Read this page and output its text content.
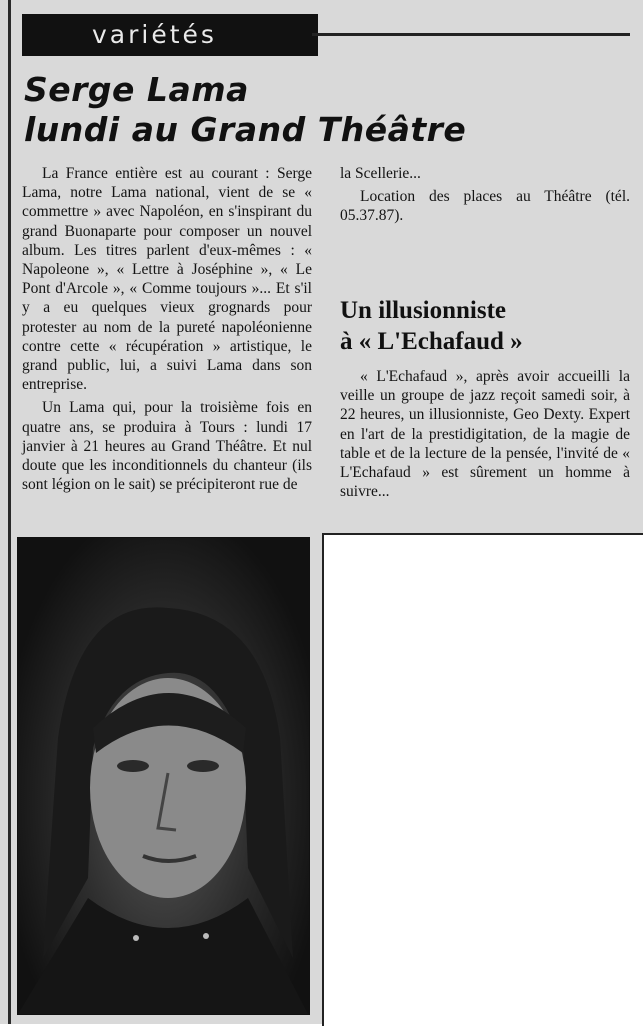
variétés
Serge Lama
lundi au Grand Théâtre

La France entière est au courant : Serge Lama, notre Lama national, vient de se « commettre » avec Napoléon, en s'inspirant du grand Buonaparte pour composer un nouvel album. Les titres parlent d'eux-mêmes : « Napoleone », « Lettre à Joséphine », « Le Pont d'Arcole », « Comme toujours »... Et s'il y a eu quelques vieux grognards pour protester au nom de la pureté napoléonienne contre cette « récupération » artistique, le grand public, lui, a suivi Lama dans son entreprise.

Un Lama qui, pour la troisième fois en quatre ans, se produira à Tours : lundi 17 janvier à 21 heures au Grand Théâtre. Et nul doute que les inconditionnels du chanteur (ils sont légion on le sait) se précipiteront rue de

la Scellerie...

Location des places au Théâtre (tél. 05.37.87).

Un illusionniste
à « L'Echafaud »

« L'Echafaud », après avoir accueilli la veille un groupe de jazz reçoit samedi soir, à 22 heures, un illusionniste, Geo Dexty. Expert en l'art de la prestidigitation, de la magie de table et de la lecture de la pensée, l'invité de « L'Echafaud » est sûrement un homme à suivre...
